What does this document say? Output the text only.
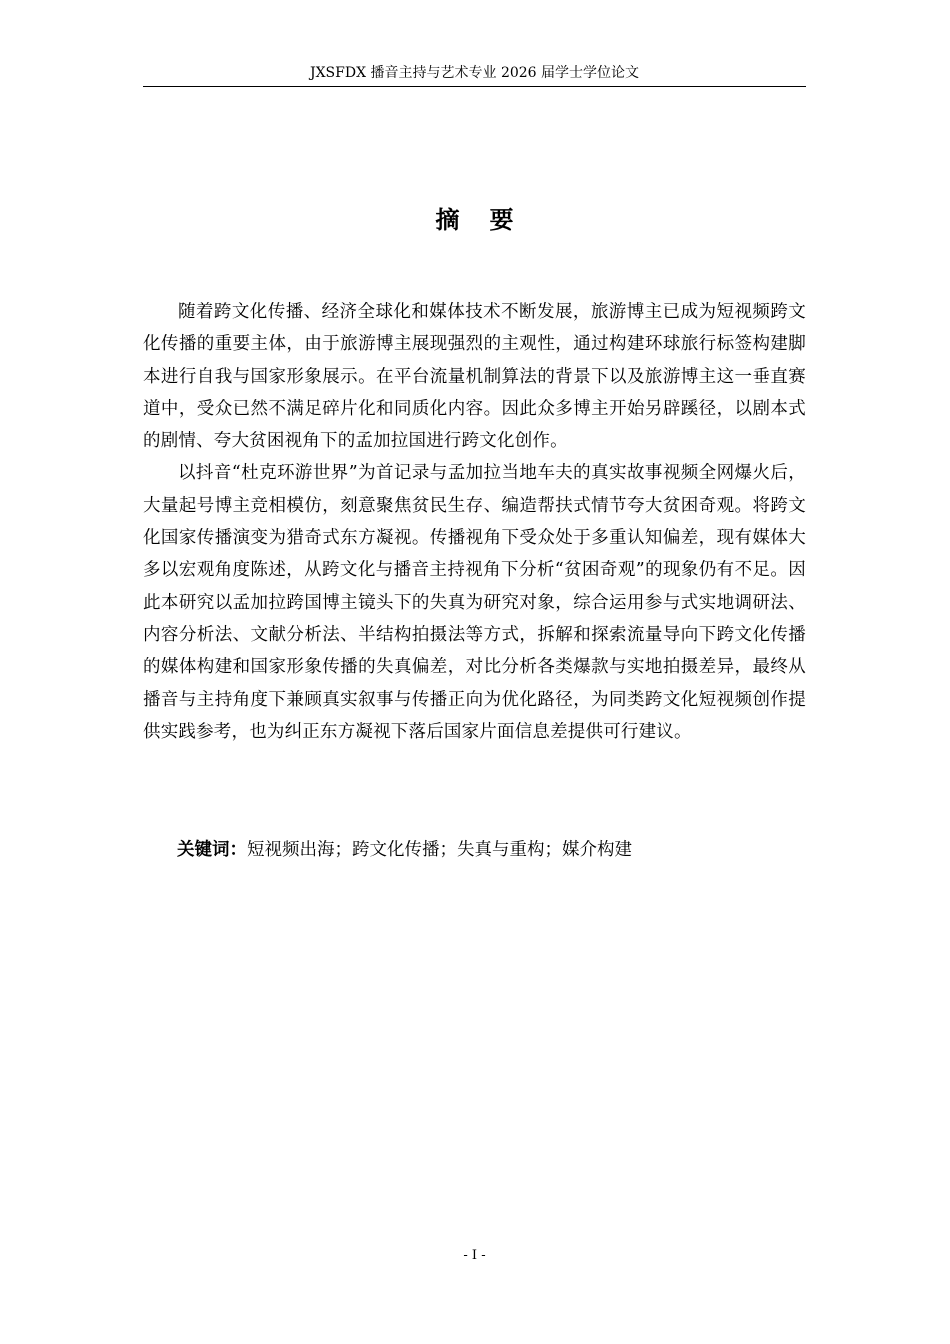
JXSFDX 播音主持与艺术专业 2026 届学士学位论文
摘要

随着跨文化传播、经济全球化和媒体技术不断发展，旅游博主已成为短视频跨文化传播的重要主体，由于旅游博主展现强烈的主观性，通过构建环球旅行标签构建脚本进行自我与国家形象展示。在平台流量机制算法的背景下以及旅游博主这一垂直赛道中，受众已然不满足碎片化和同质化内容。因此众多博主开始另辟蹊径，以剧本式的剧情、夸大贫困视角下的孟加拉国进行跨文化创作。

以抖音“杜克环游世界”为首记录与孟加拉当地车夫的真实故事视频全网爆火后，大量起号博主竞相模仿，刻意聚焦贫民生存、编造帮扶式情节夸大贫困奇观。将跨文化国家传播演变为猎奇式东方凝视。传播视角下受众处于多重认知偏差，现有媒体大多以宏观角度陈述，从跨文化与播音主持视角下分析“贫困奇观”的现象仍有不足。因此本研究以孟加拉跨国博主镜头下的失真为研究对象，综合运用参与式实地调研法、内容分析法、文献分析法、半结构拍摄法等方式，拆解和探索流量导向下跨文化传播的媒体构建和国家形象传播的失真偏差，对比分析各类爆款与实地拍摄差异，最终从播音与主持角度下兼顾真实叙事与传播正向为优化路径，为同类跨文化短视频创作提供实践参考，也为纠正东方凝视下落后国家片面信息差提供可行建议。

关键词：短视频出海；跨文化传播；失真与重构；媒介构建
- I -
